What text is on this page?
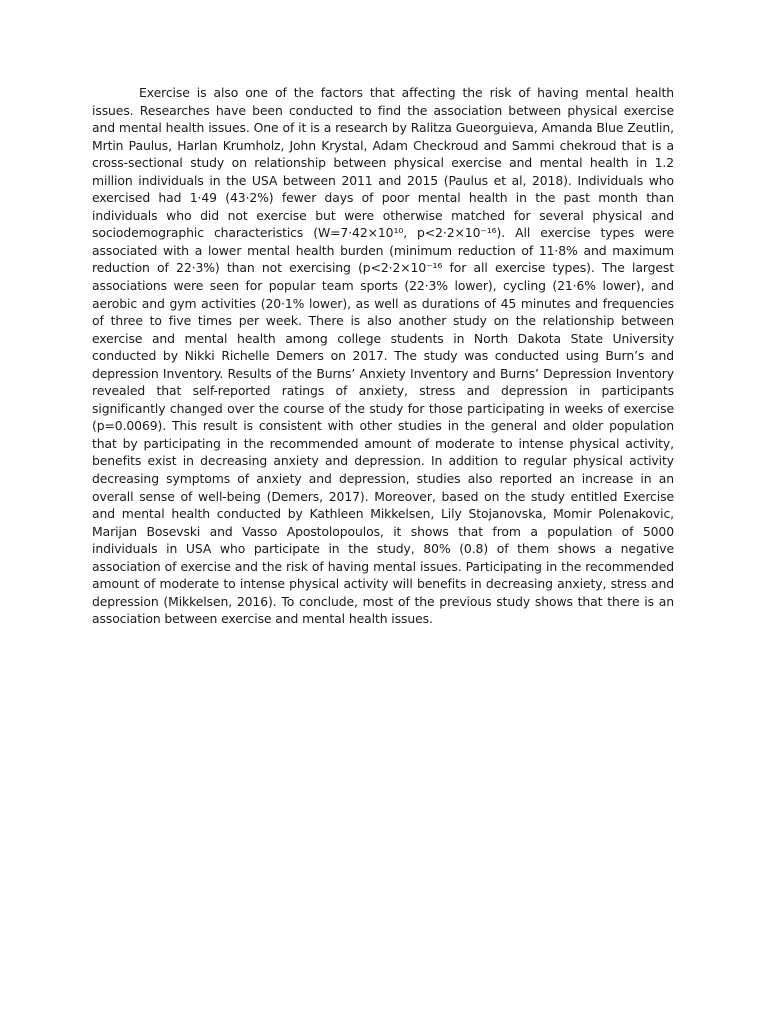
Exercise is also one of the factors that affecting the risk of having mental health issues. Researches have been conducted to find the association between physical exercise and mental health issues. One of it is a research by Ralitza Gueorguieva, Amanda Blue Zeutlin, Mrtin Paulus, Harlan Krumholz, John Krystal, Adam Checkroud and Sammi chekroud that is a cross-sectional study on relationship between physical exercise and mental health in 1.2 million individuals in the USA between 2011 and 2015 (Paulus et al, 2018). Individuals who exercised had 1·49 (43·2%) fewer days of poor mental health in the past month than individuals who did not exercise but were otherwise matched for several physical and sociodemographic characteristics (W=7·42×10¹⁰, p<2·2×10⁻¹⁶). All exercise types were associated with a lower mental health burden (minimum reduction of 11·8% and maximum reduction of 22·3%) than not exercising (p<2·2×10⁻¹⁶ for all exercise types). The largest associations were seen for popular team sports (22·3% lower), cycling (21·6% lower), and aerobic and gym activities (20·1% lower), as well as durations of 45 minutes and frequencies of three to five times per week. There is also another study on the relationship between exercise and mental health among college students in North Dakota State University conducted by Nikki Richelle Demers on 2017. The study was conducted using Burn’s and depression Inventory. Results of the Burns’ Anxiety Inventory and Burns’ Depression Inventory revealed that self-reported ratings of anxiety, stress and depression in participants significantly changed over the course of the study for those participating in weeks of exercise (p=0.0069). This result is consistent with other studies in the general and older population that by participating in the recommended amount of moderate to intense physical activity, benefits exist in decreasing anxiety and depression. In addition to regular physical activity decreasing symptoms of anxiety and depression, studies also reported an increase in an overall sense of well-being (Demers, 2017). Moreover, based on the study entitled Exercise and mental health conducted by Kathleen Mikkelsen, Lily Stojanovska, Momir Polenakovic, Marijan Bosevski and Vasso Apostolopoulos, it shows that from a population of 5000 individuals in USA who participate in the study, 80% (0.8) of them shows a negative association of exercise and the risk of having mental issues. Participating in the recommended amount of moderate to intense physical activity will benefits in decreasing anxiety, stress and depression (Mikkelsen, 2016). To conclude, most of the previous study shows that there is an association between exercise and mental health issues.
